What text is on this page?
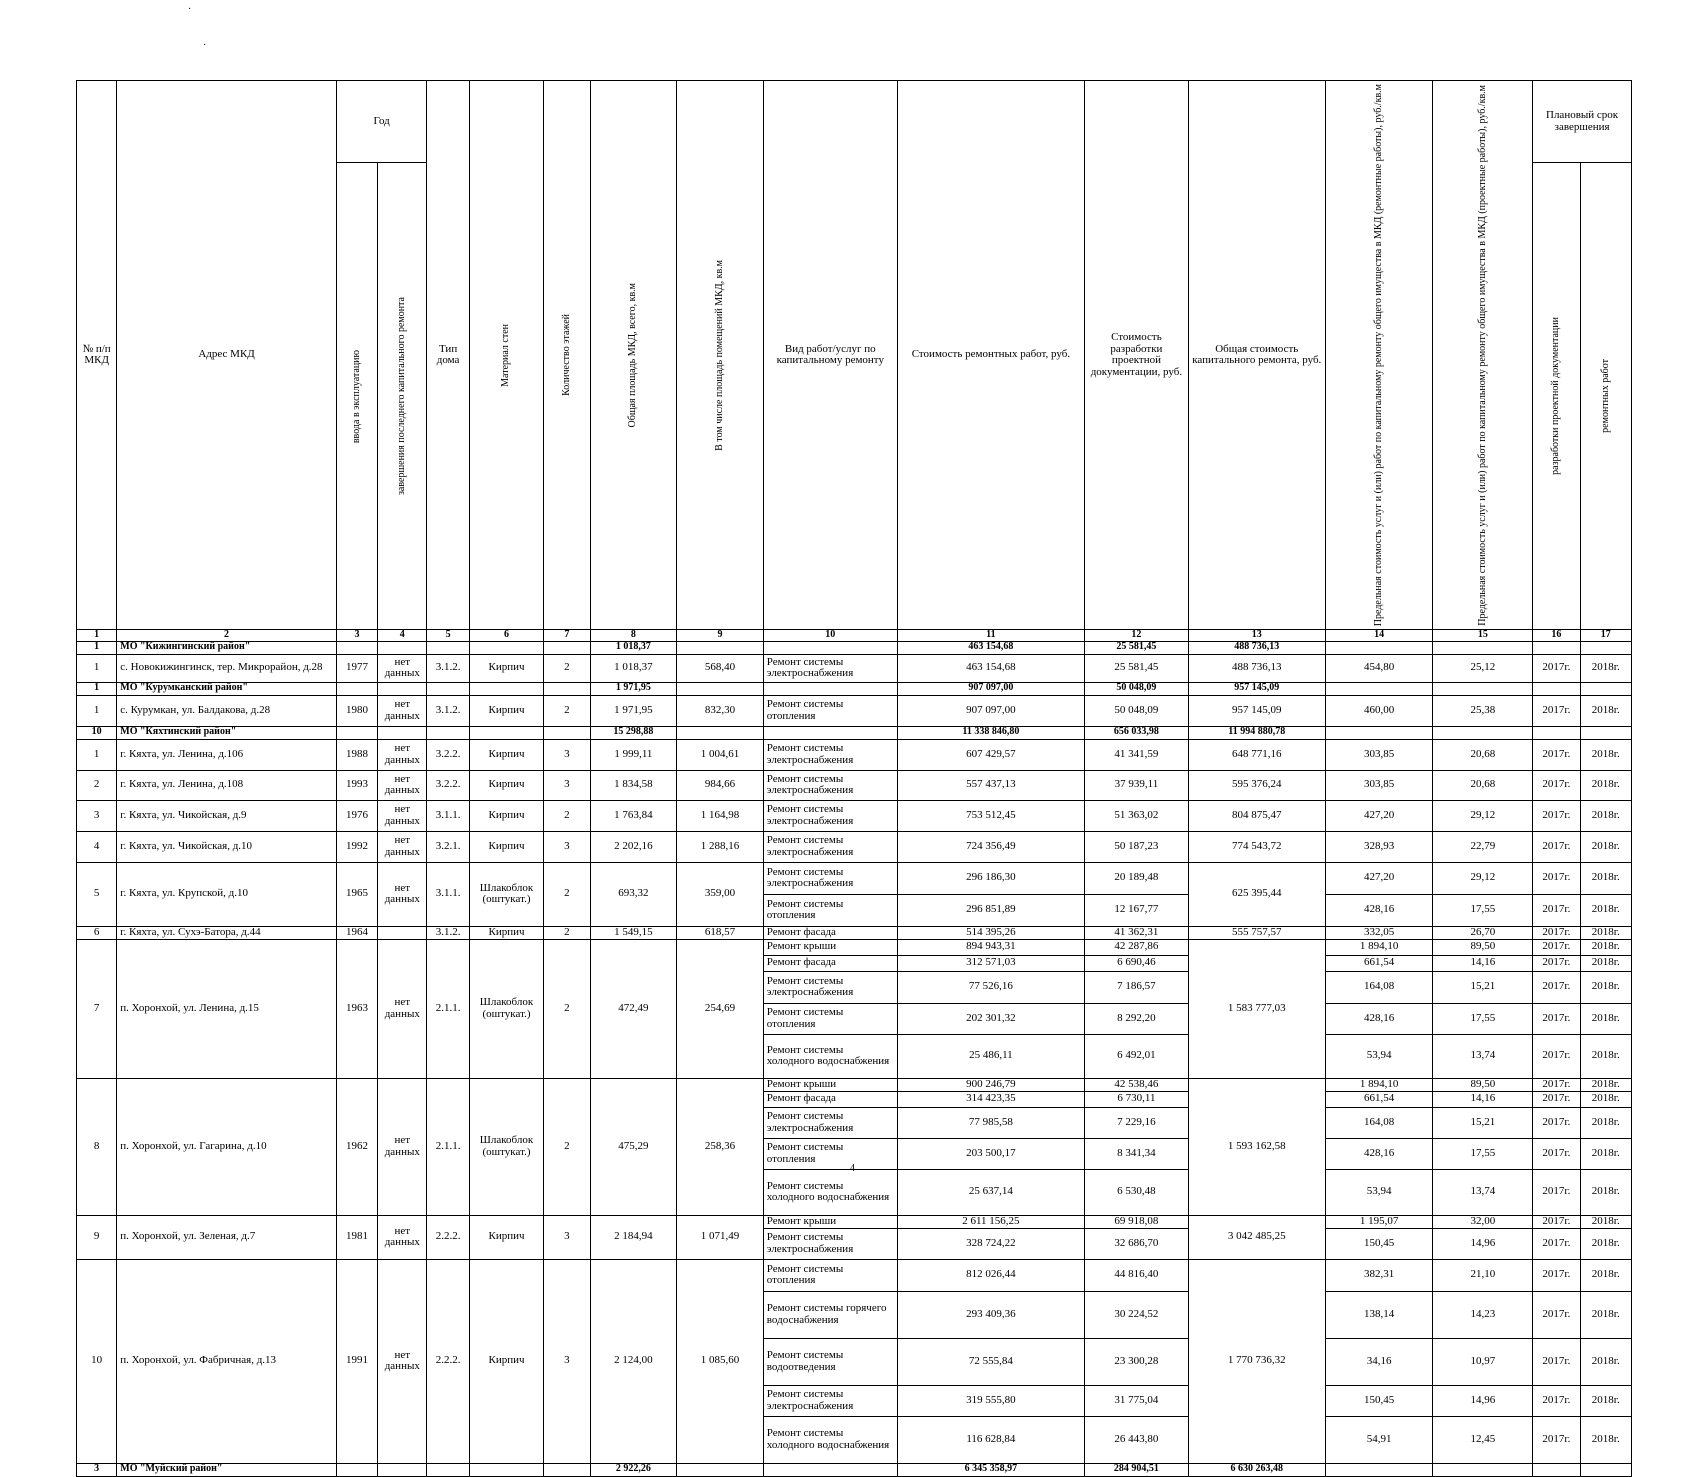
№ п/п МКД	Адрес МКД	Год		Тип дома	Материал стен	Количество этажей	Общая площадь МКД, всего, кв.м	В том числе площадь помещений МКД, кв.м	Вид работ/услуг по капитальному ремонту	Стоимость ремонтных работ, руб.	Стоимость разработки проектной документации, руб.	Общая стоимость капитального ремонта, руб.	Предельная стоимость услуг и (или) работ по капитальному ремонту общего имущества в МКД (ремонтные работы), руб./кв.м	Предельная стоимость услуг и (или) работ по капитальному ремонту общего имущества в МКД (проектные работы), руб./кв.м	Плановый срок завершения	

		ввода в эксплуатацию	завершения последнего капитального ремонта												разработки проектной документации	ремонтных работ

1	2	3	4	5	6	7	8	9	10	11	12	13	14	15	16	17
1	МО "Кижингинский район"						1 018,37			463 154,68	25 581,45	488 736,13				
1	с. Новокижингинск, тер. Микрорайон, д.28	1977	нет данных	3.1.2.	Кирпич	2	1 018,37	568,40	Ремонт системы электроснабжения	463 154,68	25 581,45	488 736,13	454,80	25,12	2017г.	2018г.
1	МО "Курумканский район"						1 971,95			907 097,00	50 048,09	957 145,09				
1	с. Курумкан, ул. Балдакова, д.28	1980	нет данных	3.1.2.	Кирпич	2	1 971,95	832,30	Ремонт системы отопления	907 097,00	50 048,09	957 145,09	460,00	25,38	2017г.	2018г.
10	МО "Кяхтинский район"						15 298,88			11 338 846,80	656 033,98	11 994 880,78				
1	г. Кяхта, ул. Ленина, д.106	1988	нет данных	3.2.2.	Кирпич	3	1 999,11	1 004,61	Ремонт системы электроснабжения	607 429,57	41 341,59	648 771,16	303,85	20,68	2017г.	2018г.
2	г. Кяхта, ул. Ленина, д.108	1993	нет данных	3.2.2.	Кирпич	3	1 834,58	984,66	Ремонт системы электроснабжения	557 437,13	37 939,11	595 376,24	303,85	20,68	2017г.	2018г.
3	г. Кяхта, ул. Чикойская, д.9	1976	нет данных	3.1.1.	Кирпич	2	1 763,84	1 164,98	Ремонт системы электроснабжения	753 512,45	51 363,02	804 875,47	427,20	29,12	2017г.	2018г.
4	г. Кяхта, ул. Чикойская, д.10	1992	нет данных	3.2.1.	Кирпич	3	2 202,16	1 288,16	Ремонт системы электроснабжения	724 356,49	50 187,23	774 543,72	328,93	22,79	2017г.	2018г.
5	г. Кяхта, ул. Крупской, д.10	1965	нет данных	3.1.1.	Шлакоблок (оштукат.)	2	693,32	359,00	Ремонт системы электроснабжения	296 186,30	20 189,48	625 395,44	427,20	29,12	2017г.	2018г.
									Ремонт системы отопления	296 851,89	12 167,77		428,16	17,55	2017г.	2018г.
6	г. Кяхта, ул. Сухэ-Батора, д.44	1964		3.1.2.	Кирпич	2	1 549,15	618,57	Ремонт фасада	514 395,26	41 362,31	555 757,57	332,05	26,70	2017г.	2018г.
7	п. Хоронхой, ул. Ленина, д.15	1963	нет данных	2.1.1.	Шлакоблок (оштукат.)	2	472,49	254,69	Ремонт крыши	894 943,31	42 287,86	1 583 777,03	1 894,10	89,50	2017г.	2018г.
									Ремонт фасада	312 571,03	6 690,46		661,54	14,16	2017г.	2018г.
									Ремонт системы электроснабжения	77 526,16	7 186,57		164,08	15,21	2017г.	2018г.
									Ремонт системы отопления	202 301,32	8 292,20		428,16	17,55	2017г.	2018г.
									Ремонт системы холодного водоснабжения	25 486,11	6 492,01		53,94	13,74	2017г.	2018г.
8	п. Хоронхой, ул. Гагарина, д.10	1962	нет данных	2.1.1.	Шлакоблок (оштукат.)	2	475,29	258,36	Ремонт крыши	900 246,79	42 538,46	1 593 162,58	1 894,10	89,50	2017г.	2018г.
									Ремонт фасада	314 423,35	6 730,11		661,54	14,16	2017г.	2018г.
									Ремонт системы электроснабжения	77 985,58	7 229,16		164,08	15,21	2017г.	2018г.
									Ремонт системы отопления	203 500,17	8 341,34		428,16	17,55	2017г.	2018г.
									Ремонт системы холодного водоснабжения	25 637,14	6 530,48		53,94	13,74	2017г.	2018г.
9	п. Хоронхой, ул. Зеленая, д.7	1981	нет данных	2.2.2.	Кирпич	3	2 184,94	1 071,49	Ремонт крыши	2 611 156,25	69 918,08	3 042 485,25	1 195,07	32,00	2017г.	2018г.
									Ремонт системы электроснабжения	328 724,22	32 686,70		150,45	14,96	2017г.	2018г.
10	п. Хоронхой, ул. Фабричная, д.13	1991	нет данных	2.2.2.	Кирпич	3	2 124,00	1 085,60	Ремонт системы отопления	812 026,44	44 816,40	1 770 736,32	382,31	21,10	2017г.	2018г.
									Ремонт системы горячего водоснабжения	293 409,36	30 224,52		138,14	14,23	2017г.	2018г.
									Ремонт системы водоотведения	72 555,84	23 300,28		34,16	10,97	2017г.	2018г.
									Ремонт системы электроснабжения	319 555,80	31 775,04		150,45	14,96	2017г.	2018г.
									Ремонт системы холодного водоснабжения	116 628,84	26 443,80		54,91	12,45	2017г.	2018г.
3	МО "Муйский район"						2 922,26			6 345 358,97	284 904,51	6 630 263,48				
4
·
·
